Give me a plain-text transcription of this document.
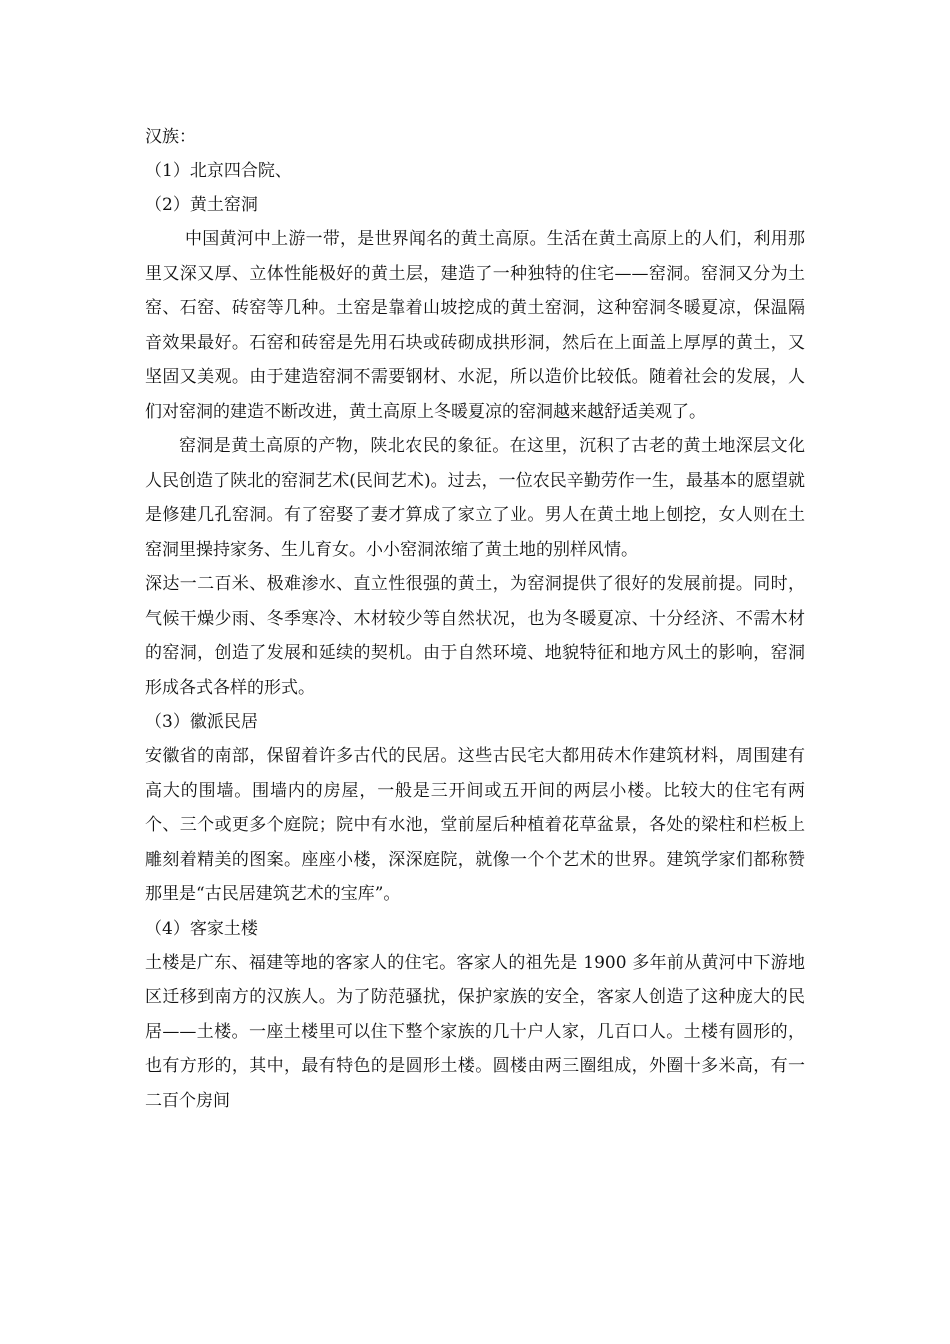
汉族：
（1）北京四合院、
（2）黄土窑洞

中国黄河中上游一带，是世界闻名的黄土高原。生活在黄土高原上的人们，利用那里又深又厚、立体性能极好的黄土层，建造了一种独特的住宅——窑洞。窑洞又分为土窑、石窑、砖窑等几种。土窑是靠着山坡挖成的黄土窑洞，这种窑洞冬暖夏凉，保温隔音效果最好。石窑和砖窑是先用石块或砖砌成拱形洞，然后在上面盖上厚厚的黄土，又坚固又美观。由于建造窑洞不需要钢材、水泥，所以造价比较低。随着社会的发展，人们对窑洞的建造不断改进，黄土高原上冬暖夏凉的窑洞越来越舒适美观了。

窑洞是黄土高原的产物，陕北农民的象征。在这里，沉积了古老的黄土地深层文化人民创造了陕北的窑洞艺术(民间艺术)。过去，一位农民辛勤劳作一生，最基本的愿望就是修建几孔窑洞。有了窑娶了妻才算成了家立了业。男人在黄土地上刨挖，女人则在土窑洞里操持家务、生儿育女。小小窑洞浓缩了黄土地的别样风情。

深达一二百米、极难渗水、直立性很强的黄土，为窑洞提供了很好的发展前提。同时，气候干燥少雨、冬季寒冷、木材较少等自然状况，也为冬暖夏凉、十分经济、不需木材的窑洞，创造了发展和延续的契机。由于自然环境、地貌特征和地方风土的影响，窑洞形成各式各样的形式。

（3）徽派民居

安徽省的南部，保留着许多古代的民居。这些古民宅大都用砖木作建筑材料，周围建有高大的围墙。围墙内的房屋，一般是三开间或五开间的两层小楼。比较大的住宅有两个、三个或更多个庭院；院中有水池，堂前屋后种植着花草盆景，各处的梁柱和栏板上雕刻着精美的图案。座座小楼，深深庭院，就像一个个艺术的世界。建筑学家们都称赞那里是“古民居建筑艺术的宝库”。

（4）客家土楼

土楼是广东、福建等地的客家人的住宅。客家人的祖先是 1900 多年前从黄河中下游地区迁移到南方的汉族人。为了防范骚扰，保护家族的安全，客家人创造了这种庞大的民居——土楼。一座土楼里可以住下整个家族的几十户人家，几百口人。土楼有圆形的，也有方形的，其中，最有特色的是圆形土楼。圆楼由两三圈组成，外圈十多米高，有一二百个房间
